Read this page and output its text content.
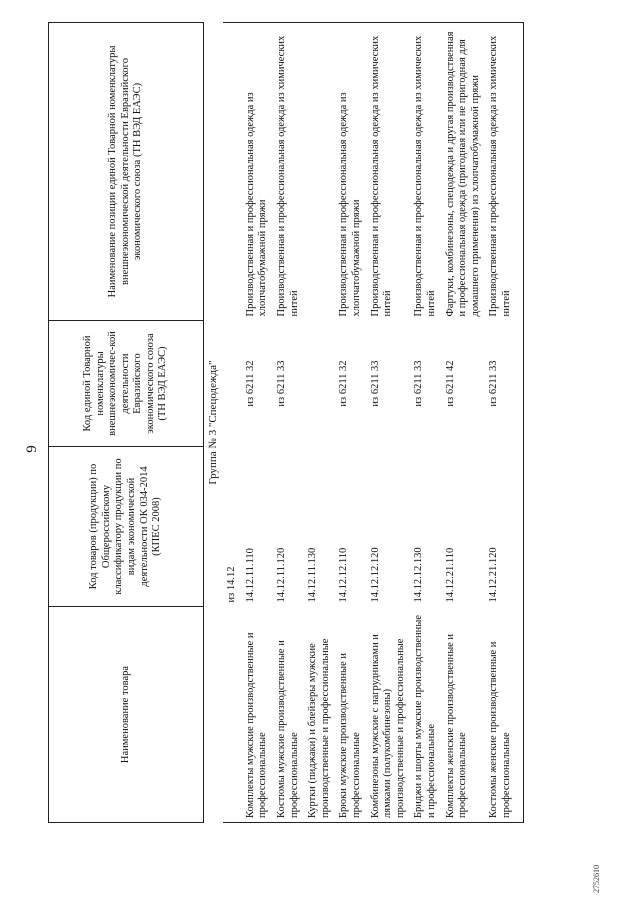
9
Наименование товара	Код товаров (продукции) по Общероссийскому классификатору продукции по видам экономической деятельности ОК 034-2014 (КПЕС 2008)	Код единой Товарной номенклатуры внешнеэкономичес-кой деятельности Евразийского экономического союза (ТН ВЭД ЕАЭС)	Наименование позиции единой Товарной номенклатуры внешнеэкономической деятельности Евразийского экономического союза (ТН ВЭД ЕАЭС)
Группа № 3 "Спецодежда"			
	из 14.12		
Комплекты мужские производственные и профессиональные	14.12.11.110	из 6211 32	Производственная и профессиональная одежда из хлопчатобумажной пряжи
Костюмы мужские производственные и профессиональные	14.12.11.120	из 6211 33	Производственная и профессиональная одежда из химических нитей
Куртки (пиджаки) и блейзеры мужские производственные и профессиональные	14.12.11.130		
Брюки мужские производственные и профессиональные	14.12.12.110	из 6211 32	Производственная и профессиональная одежда из хлопчатобумажной пряжи
Комбинезоны мужские с нагрудниками и лямками (полукомбинезоны) производственные и профессиональные	14.12.12.120	из 6211 33	Производственная и профессиональная одежда из химических нитей
Бриджи и шорты мужские производственные и профессиональные	14.12.12.130	из 6211 33	Производственная и профессиональная одежда из химических нитей
Комплекты женские производственные и профессиональные	14.12.21.110	из 6211 42	Фартуки, комбинезоны, спецодежда и другая производственная и профессиональная одежда (пригодная или не пригодная для домашнего применения) из хлопчатобумажной пряжи
Костюмы женские производственные и профессиональные	14.12.21.120	из 6211 33	Производственная и профессиональная одежда из химических нитей
2752610
